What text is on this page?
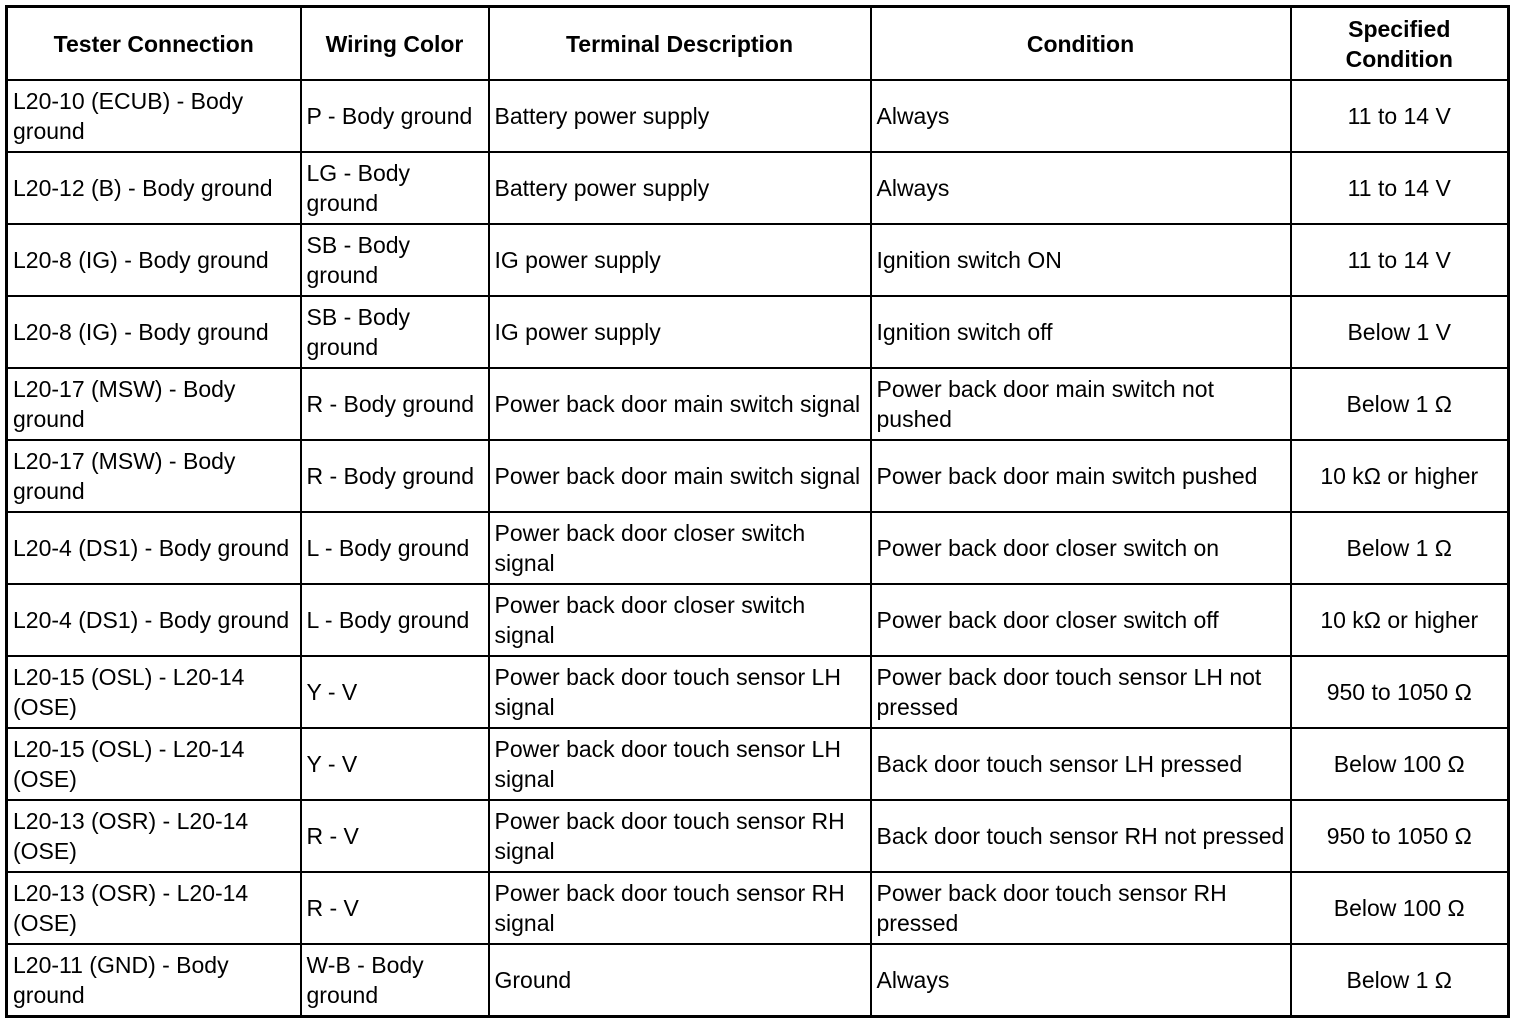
Tester Connection	Wiring Color	Terminal Description	Condition	Specified Condition
L20-10 (ECUB) - Body ground	P - Body ground	Battery power supply	Always	11 to 14 V
L20-12 (B) - Body ground	LG - Body ground	Battery power supply	Always	11 to 14 V
L20-8 (IG) - Body ground	SB - Body ground	IG power supply	Ignition switch ON	11 to 14 V
L20-8 (IG) - Body ground	SB - Body ground	IG power supply	Ignition switch off	Below 1 V
L20-17 (MSW) - Body ground	R - Body ground	Power back door main switch signal	Power back door main switch not pushed	Below 1 Ω
L20-17 (MSW) - Body ground	R - Body ground	Power back door main switch signal	Power back door main switch pushed	10 kΩ or higher
L20-4 (DS1) - Body ground	L - Body ground	Power back door closer switch signal	Power back door closer switch on	Below 1 Ω
L20-4 (DS1) - Body ground	L - Body ground	Power back door closer switch signal	Power back door closer switch off	10 kΩ or higher
L20-15 (OSL) - L20-14 (OSE)	Y - V	Power back door touch sensor LH signal	Power back door touch sensor LH not pressed	950 to 1050 Ω
L20-15 (OSL) - L20-14 (OSE)	Y - V	Power back door touch sensor LH signal	Back door touch sensor LH pressed	Below 100 Ω
L20-13 (OSR) - L20-14 (OSE)	R - V	Power back door touch sensor RH signal	Back door touch sensor RH not pressed	950 to 1050 Ω
L20-13 (OSR) - L20-14 (OSE)	R - V	Power back door touch sensor RH signal	Power back door touch sensor RH pressed	Below 100 Ω
L20-11 (GND) - Body ground	W-B - Body ground	Ground	Always	Below 1 Ω
